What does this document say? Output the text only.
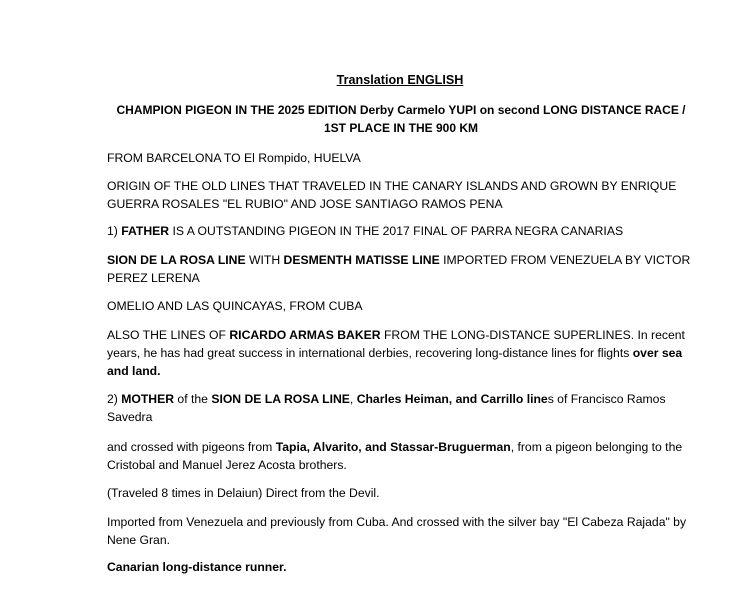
Translation ENGLISH
CHAMPION PIGEON IN THE 2025 EDITION Derby Carmelo YUPI on second LONG DISTANCE RACE / 1ST PLACE IN THE 900 KM

FROM BARCELONA TO El Rompido, HUELVA

ORIGIN OF THE OLD LINES THAT TRAVELED IN THE CANARY ISLANDS AND GROWN BY ENRIQUE GUERRA ROSALES "EL RUBIO" AND JOSE SANTIAGO RAMOS PENA

1) FATHER IS A OUTSTANDING PIGEON IN THE 2017 FINAL OF PARRA NEGRA CANARIAS

SION DE LA ROSA LINE WITH DESMENTH MATISSE LINE IMPORTED FROM VENEZUELA BY VICTOR PEREZ LERENA

OMELIO AND LAS QUINCAYAS, FROM CUBA

ALSO THE LINES OF RICARDO ARMAS BAKER FROM THE LONG-DISTANCE SUPERLINES. In recent years, he has had great success in international derbies, recovering long-distance lines for flights over sea and land.

2) MOTHER of the SION DE LA ROSA LINE, Charles Heiman, and Carrillo lines of Francisco Ramos Savedra

and crossed with pigeons from Tapia, Alvarito, and Stassar-Bruguerman, from a pigeon belonging to the Cristobal and Manuel Jerez Acosta brothers.

(Traveled 8 times in Delaiun) Direct from the Devil.

Imported from Venezuela and previously from Cuba. And crossed with the silver bay "El Cabeza Rajada" by Nene Gran.

Canarian long-distance runner.
